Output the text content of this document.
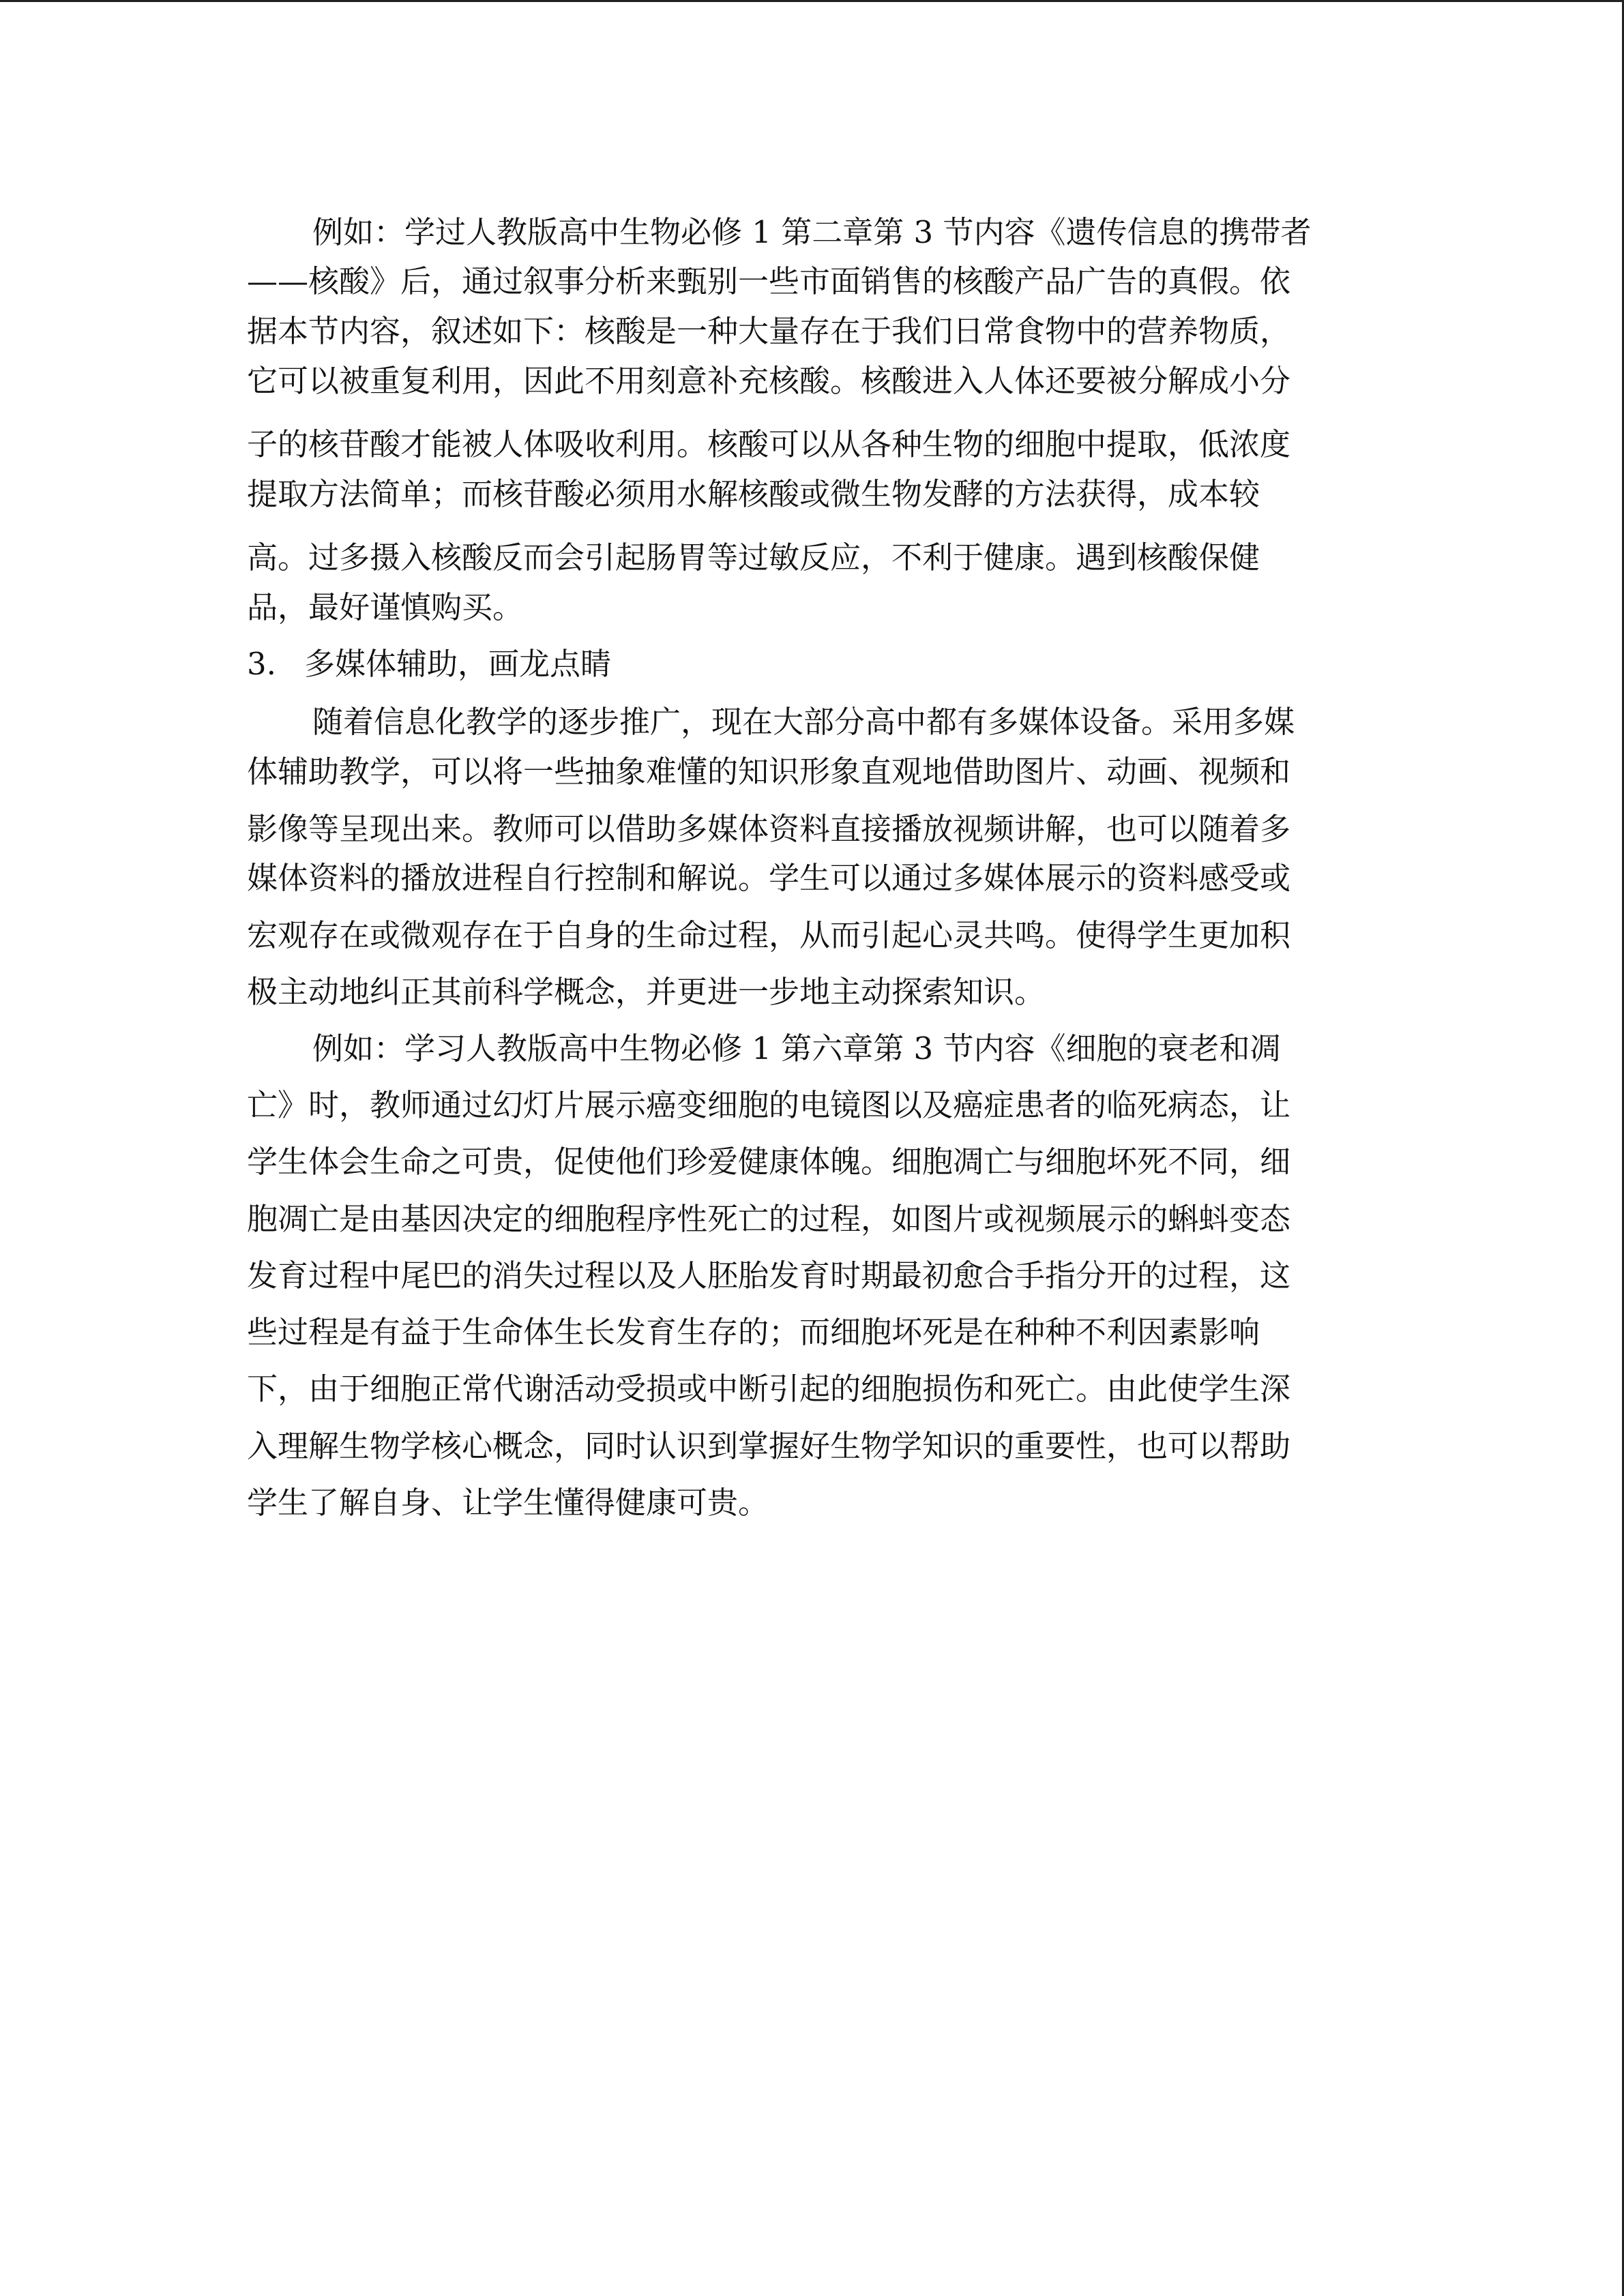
例如：学过人教版高中生物必修 1 第二章第 3 节内容《遗传信息的携带者
——核酸》后，通过叙事分析来甄别一些市面销售的核酸产品广告的真假。依
据本节内容，叙述如下：核酸是一种大量存在于我们日常食物中的营养物质，
它可以被重复利用，因此不用刻意补充核酸。核酸进入人体还要被分解成小分
子的核苷酸才能被人体吸收利用。核酸可以从各种生物的细胞中提取，低浓度
提取方法简单；而核苷酸必须用水解核酸或微生物发酵的方法获得，成本较
高。过多摄入核酸反而会引起肠胃等过敏反应，不利于健康。遇到核酸保健
品，最好谨慎购买。
3. 多媒体辅助，画龙点睛
随着信息化教学的逐步推广，现在大部分高中都有多媒体设备。采用多媒
体辅助教学，可以将一些抽象难懂的知识形象直观地借助图片、动画、视频和
影像等呈现出来。教师可以借助多媒体资料直接播放视频讲解，也可以随着多
媒体资料的播放进程自行控制和解说。学生可以通过多媒体展示的资料感受或
宏观存在或微观存在于自身的生命过程，从而引起心灵共鸣。使得学生更加积
极主动地纠正其前科学概念，并更进一步地主动探索知识。
例如：学习人教版高中生物必修 1 第六章第 3 节内容《细胞的衰老和凋
亡》时，教师通过幻灯片展示癌变细胞的电镜图以及癌症患者的临死病态，让
学生体会生命之可贵，促使他们珍爱健康体魄。细胞凋亡与细胞坏死不同，细
胞凋亡是由基因决定的细胞程序性死亡的过程，如图片或视频展示的蝌蚪变态
发育过程中尾巴的消失过程以及人胚胎发育时期最初愈合手指分开的过程，这
些过程是有益于生命体生长发育生存的；而细胞坏死是在种种不利因素影响
下，由于细胞正常代谢活动受损或中断引起的细胞损伤和死亡。由此使学生深
入理解生物学核心概念，同时认识到掌握好生物学知识的重要性，也可以帮助
学生了解自身、让学生懂得健康可贵。
